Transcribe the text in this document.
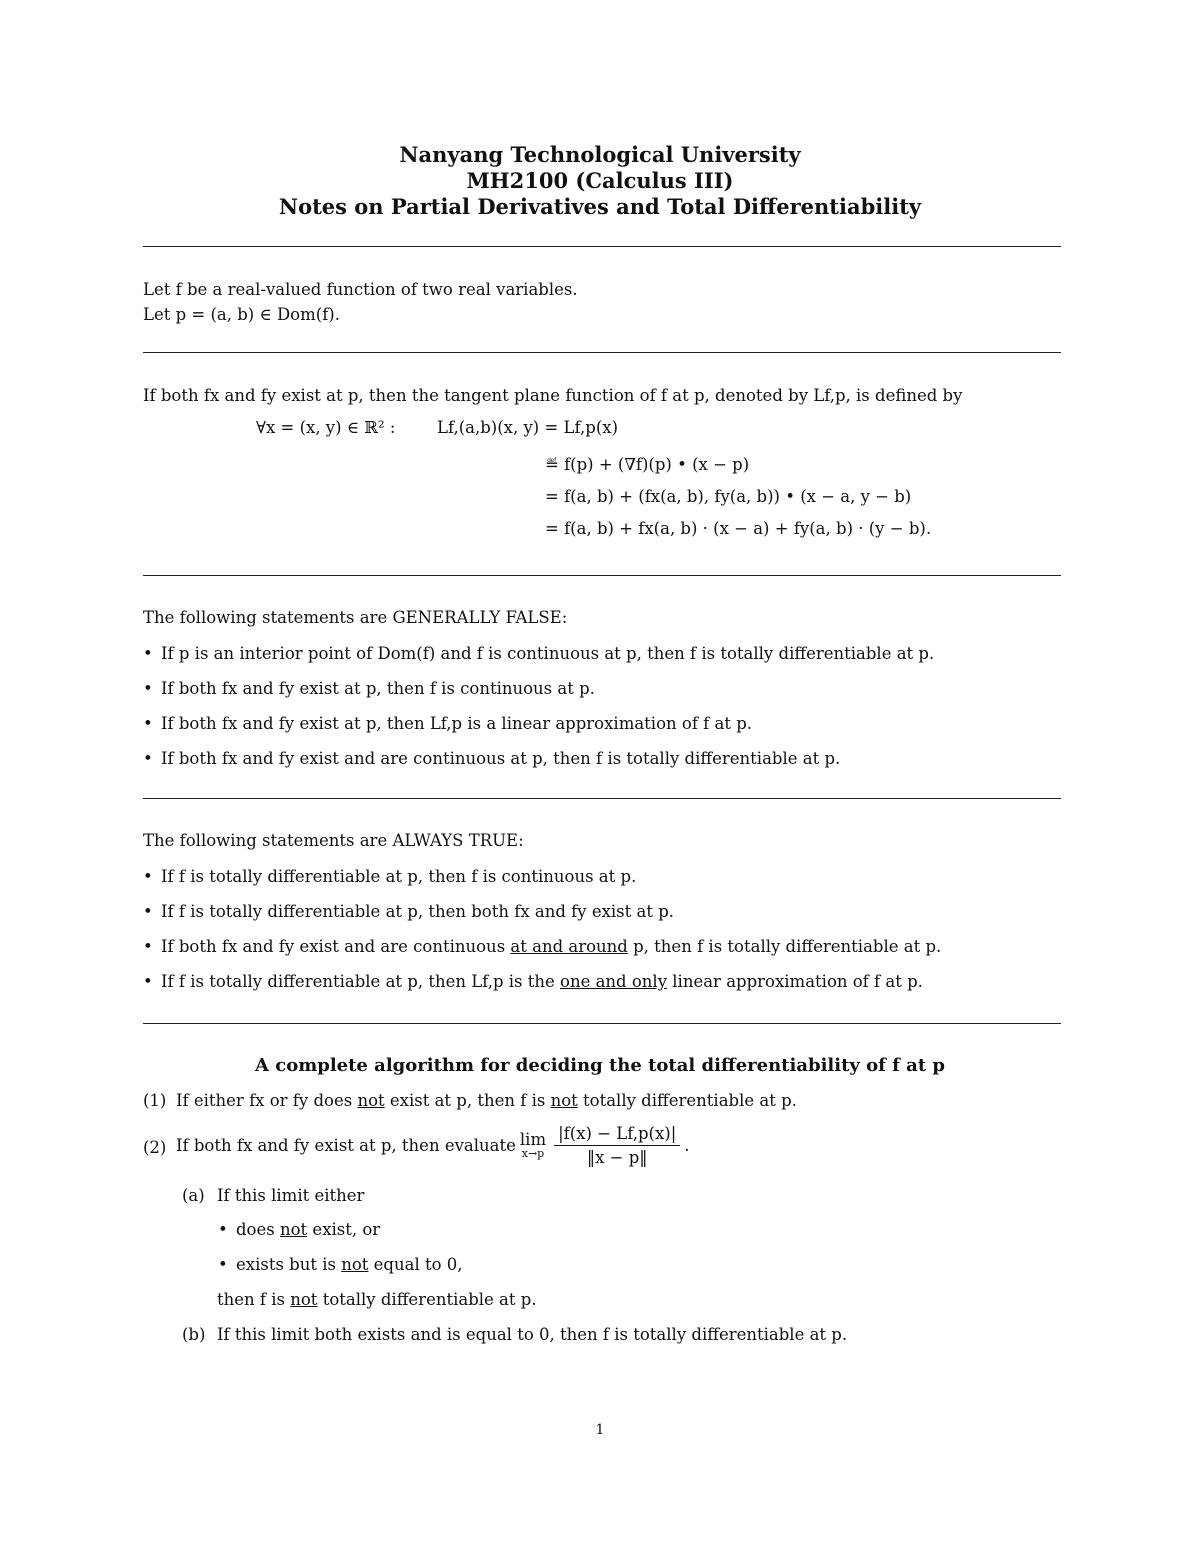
Nanyang Technological University
MH2100 (Calculus III)
Notes on Partial Derivatives and Total Differentiability
Let f be a real-valued function of two real variables.
Let p = (a, b) ∈ Dom(f).
If both fx and fy exist at p, then the tangent plane function of f at p, denoted by Lf,p, is defined by
∀x = (x, y) ∈ ℝ² :	Lf,(a,b)(x, y) = Lf,p(x)
≝ f(p) + (∇f)(p) • (x − p)
= f(a, b) + (fx(a, b), fy(a, b)) • (x − a, y − b)
= f(a, b) + fx(a, b) · (x − a) + fy(a, b) · (y − b).
The following statements are GENERALLY FALSE:
• If p is an interior point of Dom(f) and f is continuous at p, then f is totally differentiable at p.
• If both fx and fy exist at p, then f is continuous at p.
• If both fx and fy exist at p, then Lf,p is a linear approximation of f at p.
• If both fx and fy exist and are continuous at p, then f is totally differentiable at p.
The following statements are ALWAYS TRUE:
• If f is totally differentiable at p, then f is continuous at p.
• If f is totally differentiable at p, then both fx and fy exist at p.
• If both fx and fy exist and are continuous at and around p, then f is totally differentiable at p.
• If f is totally differentiable at p, then Lf,p is the one and only linear approximation of f at p.
A complete algorithm for deciding the total differentiability of f at p
(1) If either fx or fy does not exist at p, then f is not totally differentiable at p.
(2) If both fx and fy exist at p, then evaluate lim
$x\to p \frac{|f(x) - Lf,p(x)|}{‖x - p‖}$ .
(a) If this limit either
• does not exist, or
• exists but is not equal to 0,
then f is not totally differentiable at p.
(b) If this limit both exists and is equal to 0, then f is totally differentiable at p.
1
